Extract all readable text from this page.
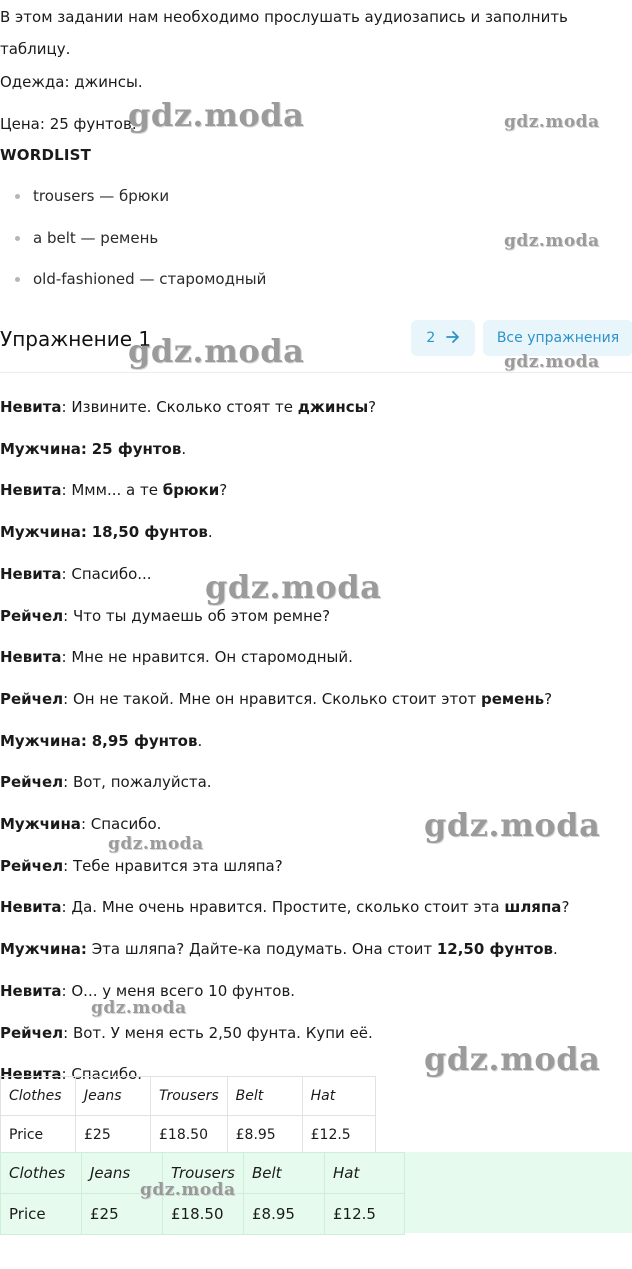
В этом задании нам необходимо прослушать аудиозапись и заполнить
таблицу.
Одежда: джинсы.
Цена: 25 фунтов.
WORDLIST
trousers — брюки
a belt — ремень
old-fashioned — старомодный
Упражнение 1	2	Все упражнения
Невита: Извините. Сколько стоят те джинсы?
Мужчина: 25 фунтов.
Невита: Ммм... а те брюки?
Мужчина: 18,50 фунтов.
Невита: Спасибо...
Рейчел: Что ты думаешь об этом ремне?
Невита: Мне не нравится. Он старомодный.
Рейчел: Он не такой. Мне он нравится. Сколько стоит этот ремень?
Мужчина: 8,95 фунтов.
Рейчел: Вот, пожалуйста.
Мужчина: Спасибо.
Рейчел: Тебе нравится эта шляпа?
Невита: Да. Мне очень нравится. Простите, сколько стоит эта шляпа?
Мужчина: Эта шляпа? Дайте-ка подумать. Она стоит 12,50 фунтов.
Невита: О... у меня всего 10 фунтов.
Рейчел: Вот. У меня есть 2,50 фунта. Купи её.
Невита: Спасибо.
Clothes	Jeans	Trousers	Belt	Hat
Price	£25	£18.50	£8.95	£12.5
Clothes	Jeans	Trousers	Belt	Hat
Price	£25	£18.50	£8.95	£12.5
gdz.moda	gdz.moda
gdz.moda
gdz.moda	gdz.moda
gdz.moda
gdz.moda
gdz.moda
gdz.moda
gdz.moda
gdz.moda
